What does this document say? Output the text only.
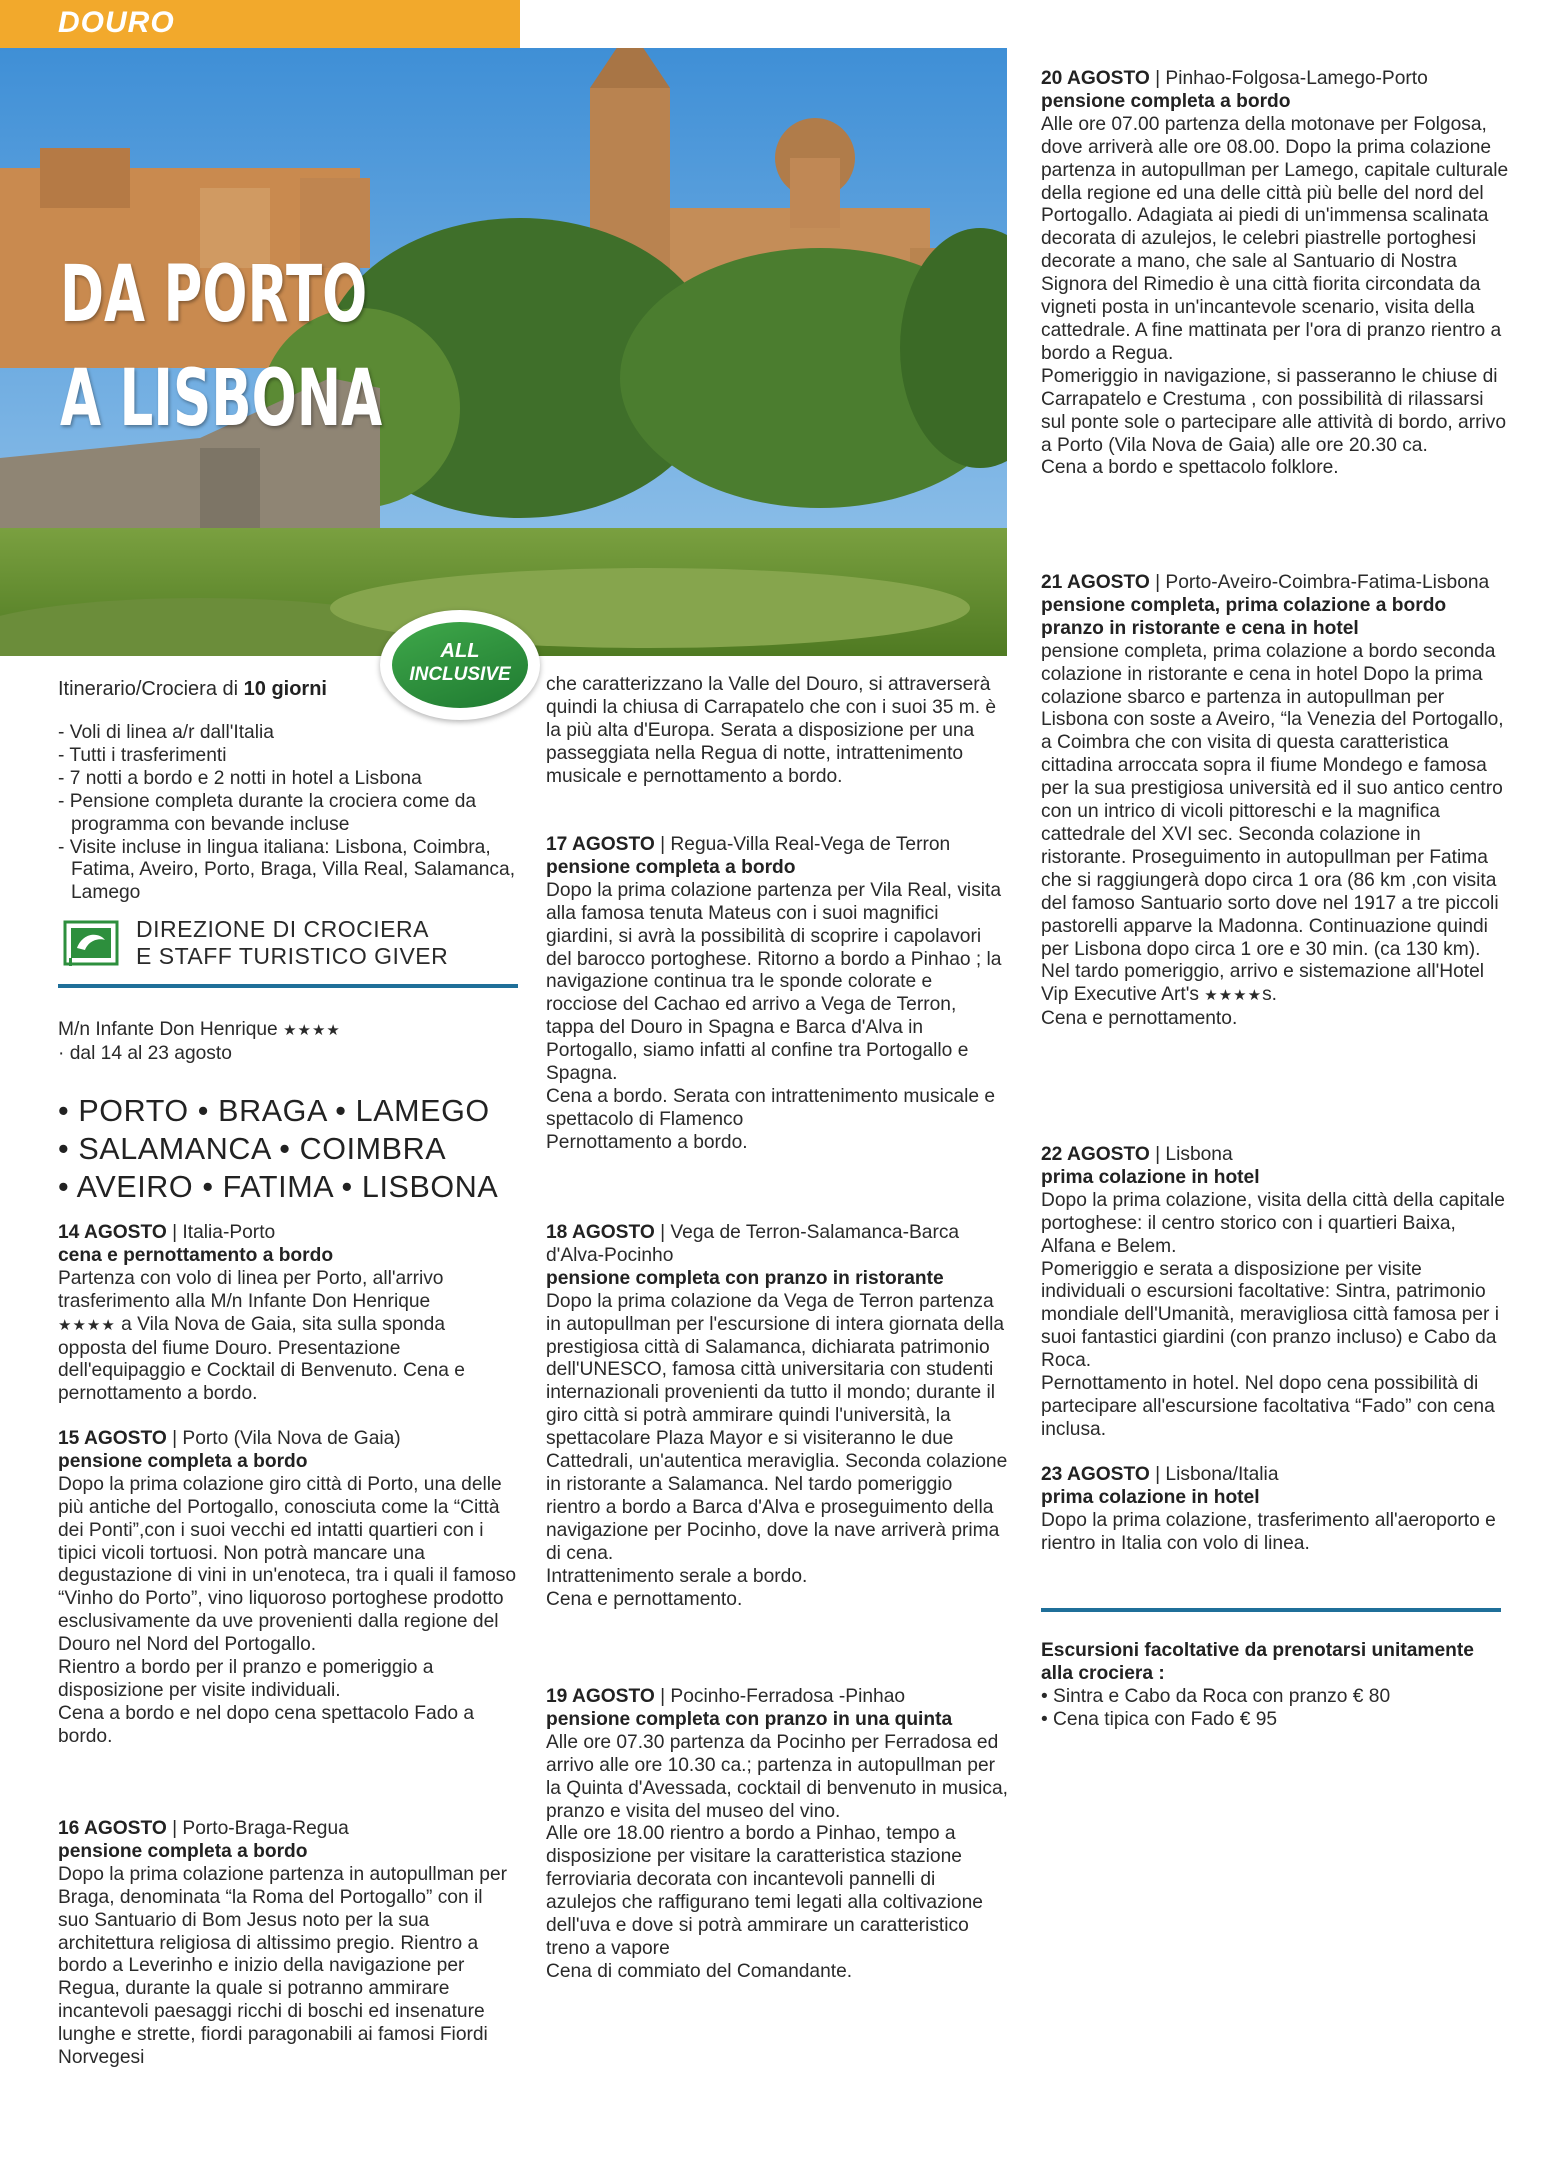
DOURO
DA PORTO
A LISBONA
ALL
INCLUSIVE
Itinerario/Crociera di 10 giorni
- Voli di linea a/r dall'Italia
- Tutti i trasferimenti
- 7 notti a bordo e 2 notti in hotel a Lisbona
- Pensione completa durante la crociera come da programma con bevande incluse
- Visite incluse in lingua italiana: Lisbona, Coimbra, Fatima, Aveiro, Porto, Braga, Villa Real, Salamanca, Lamego
DIREZIONE DI CROCIERA
E STAFF TURISTICO GIVER
M/n Infante Don Henrique ★★★★
· dal 14 al 23 agosto
• PORTO • BRAGA • LAMEGO
• SALAMANCA • COIMBRA
• AVEIRO • FATIMA • LISBONA
14 AGOSTO | Italia-Porto
cena e pernottamento a bordo

Partenza con volo di linea per Porto, all'arrivo trasferimento alla M/n Infante Don Henrique
★★★★ a Vila Nova de Gaia, sita sulla sponda opposta del fiume Douro. Presentazione dell'equipaggio e Cocktail di Benvenuto. Cena e pernottamento a bordo.

15 AGOSTO | Porto (Vila Nova de Gaia)
pensione completa a bordo

Dopo la prima colazione giro città di Porto, una delle più antiche del Portogallo, conosciuta come la “Città dei Ponti”,con i suoi vecchi ed intatti quartieri con i tipici vicoli tortuosi. Non potrà mancare una degustazione di vini in un'enoteca, tra i quali il famoso “Vinho do Porto”, vino liquoroso portoghese prodotto esclusivamente da uve provenienti dalla regione del Douro nel Nord del Portogallo.

Rientro a bordo per il pranzo e pomeriggio a disposizione per visite individuali.

Cena a bordo e nel dopo cena spettacolo Fado a bordo.

16 AGOSTO | Porto-Braga-Regua
pensione completa a bordo

Dopo la prima colazione partenza in autopullman per Braga, denominata “la Roma del Portogallo” con il suo Santuario di Bom Jesus noto per la sua architettura religiosa di altissimo pregio. Rientro a bordo a Leverinho e inizio della navigazione per Regua, durante la quale si potranno ammirare incantevoli paesaggi ricchi di boschi ed insenature lunghe e strette, fiordi paragonabili ai famosi Fiordi Norvegesi

che caratterizzano la Valle del Douro, si attraverserà quindi la chiusa di Carrapatelo che con i suoi 35 m. è la più alta d'Europa. Serata a disposizione per una passeggiata nella Regua di notte, intrattenimento musicale e pernottamento a bordo.

17 AGOSTO | Regua-Villa Real-Vega de Terron
pensione completa a bordo

Dopo la prima colazione partenza per Vila Real, visita alla famosa tenuta Mateus con i suoi magnifici giardini, si avrà la possibilità di scoprire i capolavori del barocco portoghese. Ritorno a bordo a Pinhao ; la navigazione continua tra le sponde colorate e rocciose del Cachao ed arrivo a Vega de Terron, tappa del Douro in Spagna e Barca d'Alva in Portogallo, siamo infatti al confine tra Portogallo e Spagna.

Cena a bordo. Serata con intrattenimento musicale e spettacolo di Flamenco

Pernottamento a bordo.

18 AGOSTO | Vega de Terron-Salamanca-Barca d'Alva-Pocinho
pensione completa con pranzo in ristorante

Dopo la prima colazione da Vega de Terron partenza in autopullman per l'escursione di intera giornata della prestigiosa città di Salamanca, dichiarata patrimonio dell'UNESCO, famosa città universitaria con studenti internazionali provenienti da tutto il mondo; durante il giro città si potrà ammirare quindi l'università, la spettacolare Plaza Mayor e si visiteranno le due Cattedrali, un'autentica meraviglia. Seconda colazione in ristorante a Salamanca. Nel tardo pomeriggio rientro a bordo a Barca d'Alva e proseguimento della navigazione per Pocinho, dove la nave arriverà prima di cena.

Intrattenimento serale a bordo.

Cena e pernottamento.

19 AGOSTO | Pocinho-Ferradosa -Pinhao
pensione completa con pranzo in una quinta

Alle ore 07.30 partenza da Pocinho per Ferradosa ed arrivo alle ore 10.30 ca.; partenza in autopullman per la Quinta d'Avessada, cocktail di benvenuto in musica, pranzo e visita del museo del vino.

Alle ore 18.00 rientro a bordo a Pinhao, tempo a disposizione per visitare la caratteristica stazione ferroviaria decorata con incantevoli pannelli di azulejos che raffigurano temi legati alla coltivazione dell'uva e dove si potrà ammirare un caratteristico treno a vapore

Cena di commiato del Comandante.

20 AGOSTO | Pinhao-Folgosa-Lamego-Porto
pensione completa a bordo

Alle ore 07.00 partenza della motonave per Folgosa, dove arriverà alle ore 08.00. Dopo la prima colazione partenza in autopullman per Lamego, capitale culturale della regione ed una delle città più belle del nord del Portogallo. Adagiata ai piedi di un'immensa scalinata decorata di azulejos, le celebri piastrelle portoghesi decorate a mano, che sale al Santuario di Nostra Signora del Rimedio è una città fiorita circondata da vigneti posta in un'incantevole scenario, visita della cattedrale. A fine mattinata per l'ora di pranzo rientro a bordo a Regua.

Pomeriggio in navigazione, si passeranno le chiuse di Carrapatelo e Crestuma , con possibilità di rilassarsi sul ponte sole o partecipare alle attività di bordo, arrivo a Porto (Vila Nova de Gaia) alle ore 20.30 ca.

Cena a bordo e spettacolo folklore.

21 AGOSTO | Porto-Aveiro-Coimbra-Fatima-Lisbona
pensione completa, prima colazione a bordo pranzo in ristorante e cena in hotel

pensione completa, prima colazione a bordo seconda colazione in ristorante e cena in hotel Dopo la prima colazione sbarco e partenza in autopullman per Lisbona con soste a Aveiro, “la Venezia del Portogallo, a Coimbra che con visita di questa caratteristica cittadina arroccata sopra il fiume Mondego e famosa per la sua prestigiosa università ed il suo antico centro con un intrico di vicoli pittoreschi e la magnifica cattedrale del XVI sec. Seconda colazione in ristorante. Proseguimento in autopullman per Fatima che si raggiungerà dopo circa 1 ora (86 km ,con visita del famoso Santuario sorto dove nel 1917 a tre piccoli pastorelli apparve la Madonna. Continuazione quindi per Lisbona dopo circa 1 ore e 30 min. (ca 130 km).

Nel tardo pomeriggio, arrivo e sistemazione all'Hotel Vip Executive Art's ★★★★s.

Cena e pernottamento.

22 AGOSTO | Lisbona
prima colazione in hotel

Dopo la prima colazione, visita della città della capitale portoghese: il centro storico con i quartieri Baixa, Alfana e Belem.

Pomeriggio e serata a disposizione per visite individuali o escursioni facoltative: Sintra, patrimonio mondiale dell'Umanità, meravigliosa città famosa per i suoi fantastici giardini (con pranzo incluso) e Cabo da Roca.

Pernottamento in hotel. Nel dopo cena possibilità di partecipare all'escursione facoltativa “Fado” con cena inclusa.

23 AGOSTO | Lisbona/Italia
prima colazione in hotel

Dopo la prima colazione, trasferimento all'aeroporto e rientro in Italia con volo di linea.

Escursioni facoltative da prenotarsi unitamente alla crociera :
• Sintra e Cabo da Roca con pranzo € 80
• Cena tipica con Fado € 95
